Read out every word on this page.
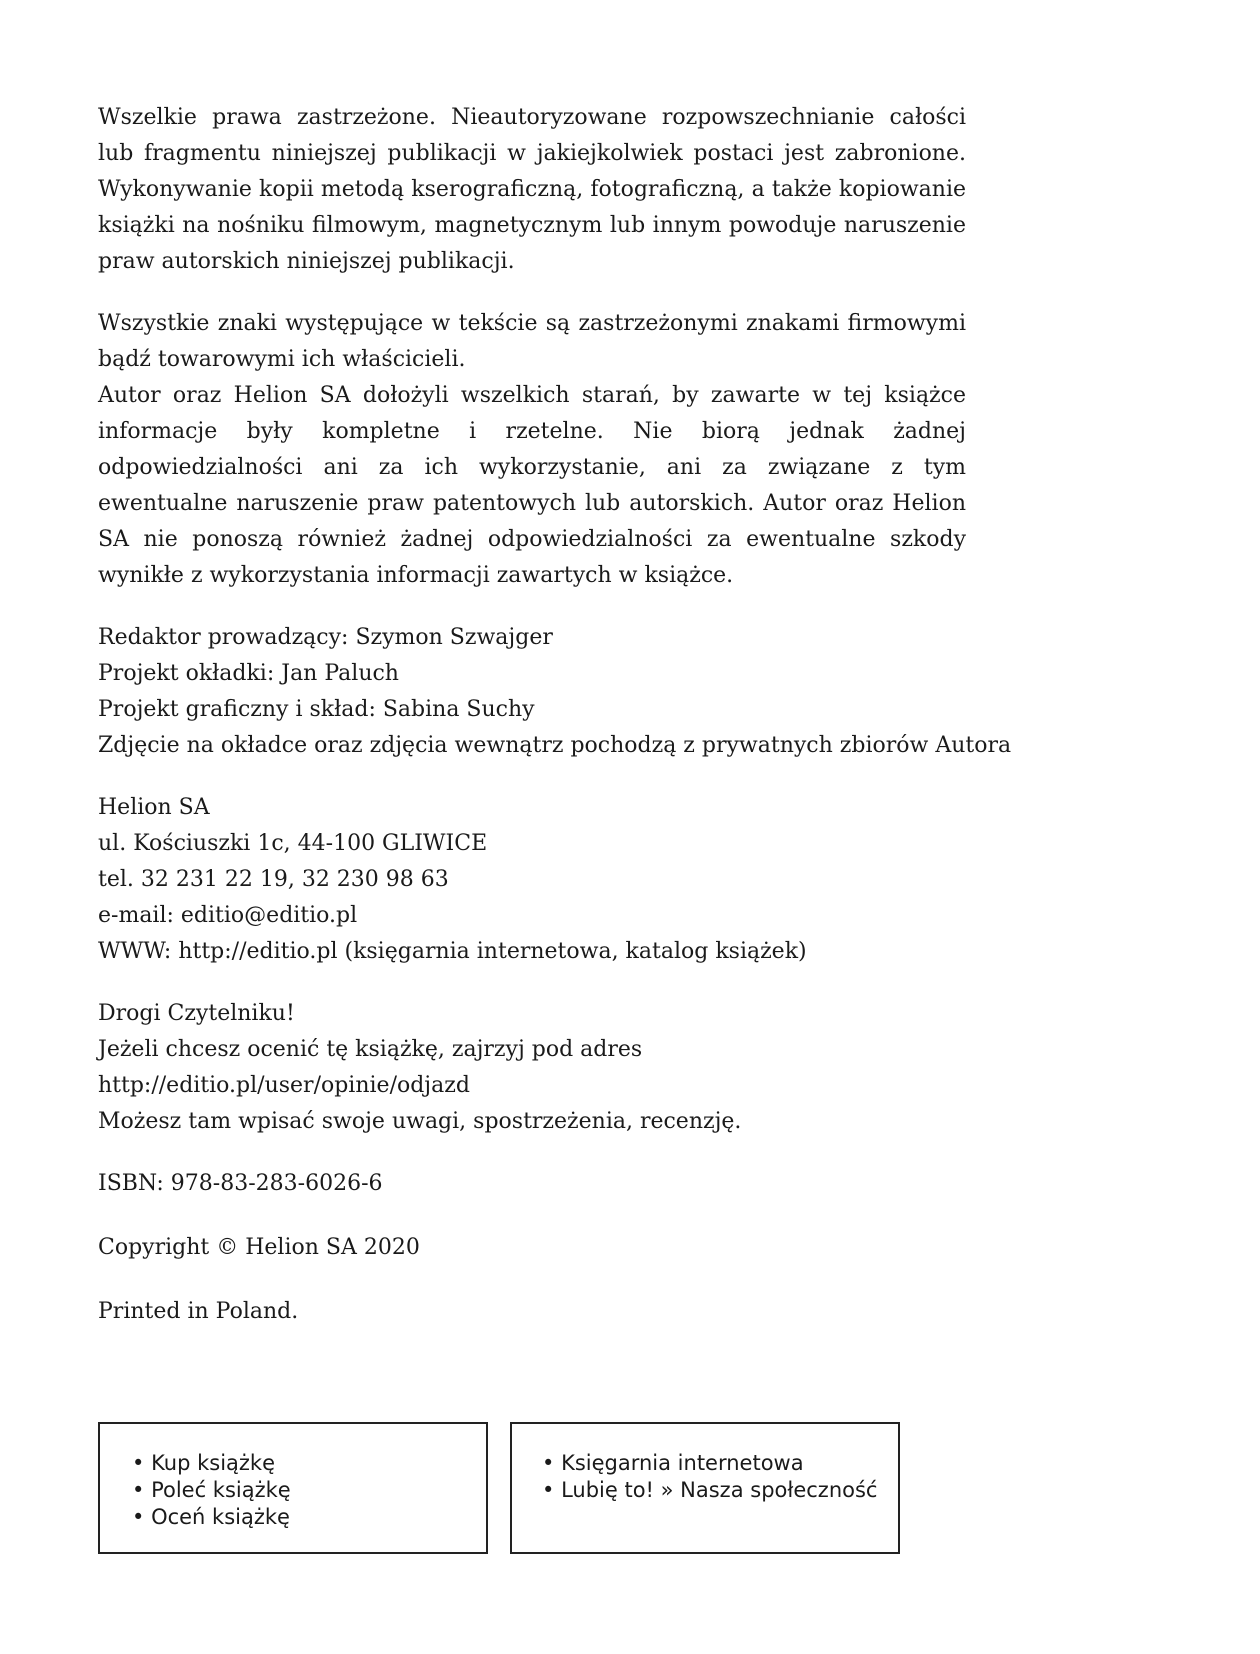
Wszelkie prawa zastrzeżone. Nieautoryzowane rozpowszechnianie całości lub fragmentu niniejszej publikacji w jakiejkolwiek postaci jest zabronione. Wykonywanie kopii metodą kserograficzną, fotograficzną, a także kopiowanie książki na nośniku filmowym, magnetycznym lub innym powoduje naruszenie praw autorskich niniejszej publikacji.

Wszystkie znaki występujące w tekście są zastrzeżonymi znakami firmowymi bądź towarowymi ich właścicieli.

Autor oraz Helion SA dołożyli wszelkich starań, by zawarte w tej książce informacje były kompletne i rzetelne. Nie biorą jednak żadnej odpowiedzialności ani za ich wykorzystanie, ani za związane z tym ewentualne naruszenie praw patentowych lub autorskich. Autor oraz Helion SA nie ponoszą również żadnej odpowiedzialności za ewentualne szkody wynikłe z wykorzystania informacji zawartych w książce.

Redaktor prowadzący: Szymon Szwajger
Projekt okładki: Jan Paluch
Projekt graficzny i skład: Sabina Suchy
Zdjęcie na okładce oraz zdjęcia wewnątrz pochodzą z prywatnych zbiorów Autora
Helion SA
ul. Kościuszki 1c, 44-100 GLIWICE
tel. 32 231 22 19, 32 230 98 63
e-mail: editio@editio.pl
WWW: http://editio.pl (księgarnia internetowa, katalog książek)
Drogi Czytelniku!
Jeżeli chcesz ocenić tę książkę, zajrzyj pod adres
http://editio.pl/user/opinie/odjazd
Możesz tam wpisać swoje uwagi, spostrzeżenia, recenzję.
ISBN: 978-83-283-6026-6
Copyright © Helion SA 2020
Printed in Poland.
• Kup książkę
• Poleć książkę
• Oceń książkę
• Księgarnia internetowa
• Lubię to! » Nasza społeczność
